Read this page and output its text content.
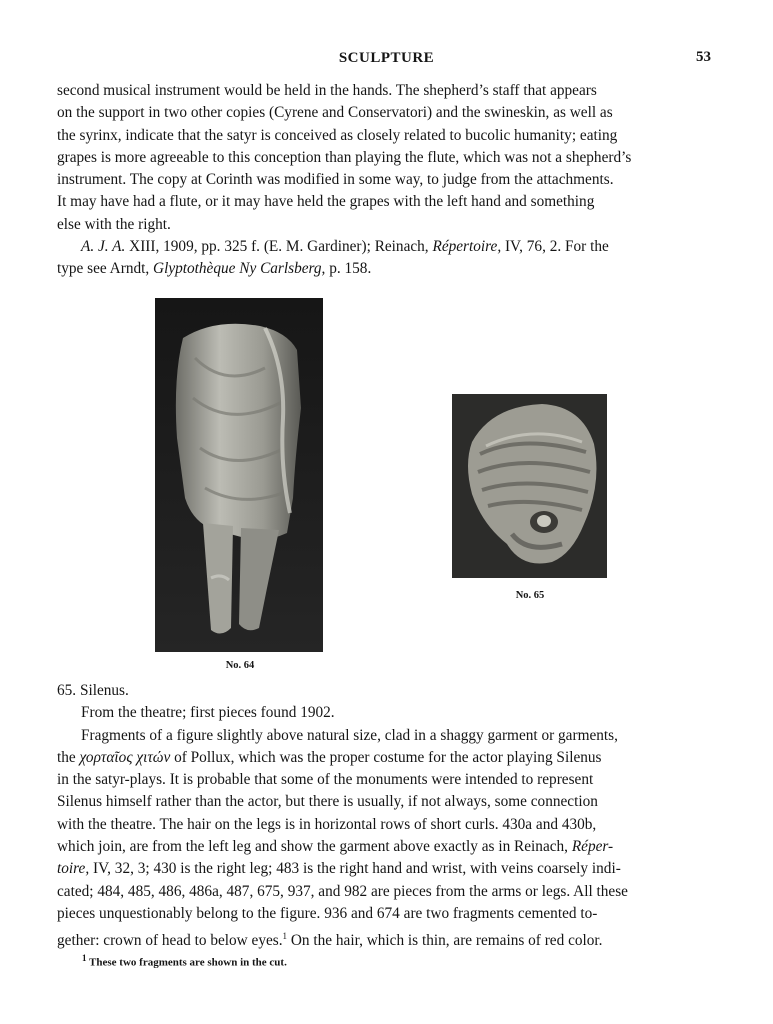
SCULPTURE	53
second musical instrument would be held in the hands. The shepherd’s staff that appears
on the support in two other copies (Cyrene and Conservatori) and the swineskin, as well as
the syrinx, indicate that the satyr is conceived as closely related to bucolic humanity; eating
grapes is more agreeable to this conception than playing the flute, which was not a shepherd’s
instrument. The copy at Corinth was modified in some way, to judge from the attachments.
It may have had a flute, or it may have held the grapes with the left hand and something
else with the right.
A. J. A. XIII, 1909, pp. 325 f. (E. M. Gardiner); Reinach, Répertoire, IV, 76, 2. For the
type see Arndt, Glyptothèque Ny Carlsberg, p. 158.
No. 64
No. 65
65. Silenus.
From the theatre; first pieces found 1902.
Fragments of a figure slightly above natural size, clad in a shaggy garment or garments,
the χορταῖος χιτών of Pollux, which was the proper costume for the actor playing Silenus
in the satyr-plays. It is probable that some of the monuments were intended to represent
Silenus himself rather than the actor, but there is usually, if not always, some connection
with the theatre. The hair on the legs is in horizontal rows of short curls. 430a and 430b,
which join, are from the left leg and show the garment above exactly as in Reinach, Réper-
toire, IV, 32, 3; 430 is the right leg; 483 is the right hand and wrist, with veins coarsely indi-
cated; 484, 485, 486, 486a, 487, 675, 937, and 982 are pieces from the arms or legs. All these
pieces unquestionably belong to the figure. 936 and 674 are two fragments cemented to-
gether: crown of head to below eyes.$^1$ On the hair, which is thin, are remains of red color.
$^1$ These two fragments are shown in the cut.
